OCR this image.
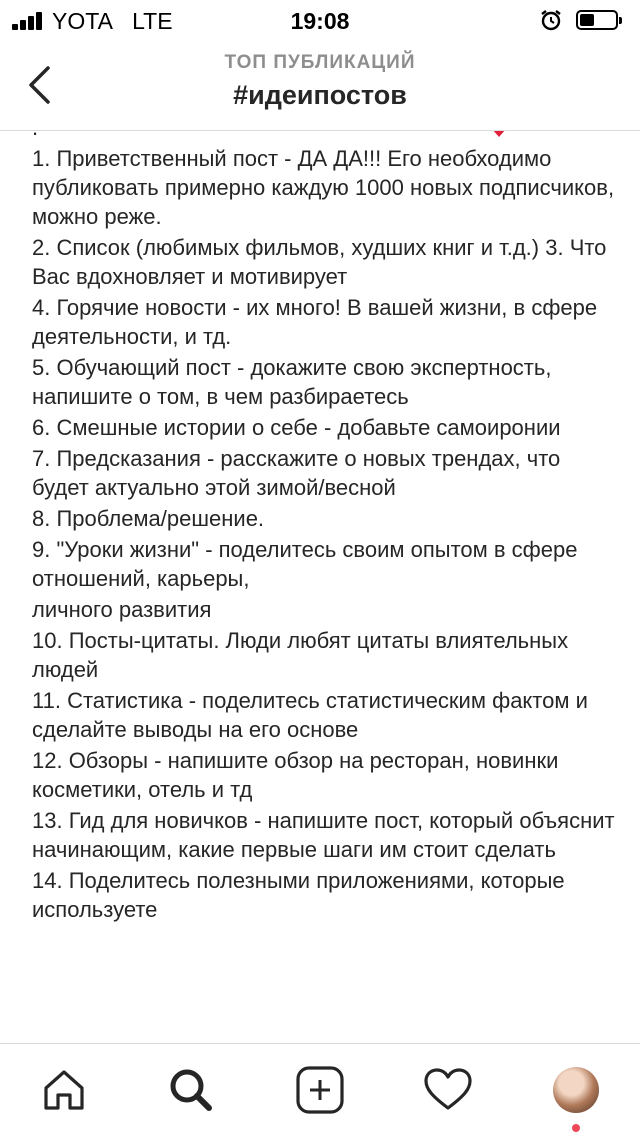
YOTA LTE	19:08
ТОП ПУБЛИКАЦИЙ
#идеипостов

1. Приветственный пост - ДА ДА!!! Его необходимо публиковать примерно каждую 1000 новых подписчиков, можно реже.

2. Список (любимых фильмов, худших книг и т.д.) 3. Что Вас вдохновляет и мотивирует

4. Горячие новости - их много! В вашей жизни, в сфере деятельности, и тд.

5. Обучающий пост - докажите свою экспертность, напишите о том, в чем разбираетесь

6. Смешные истории о себе - добавьте самоиронии

7. Предсказания - расскажите о новых трендах, что будет актуально этой зимой/весной

8. Проблема/решение.

9. "Уроки жизни" - поделитесь своим опытом в сфере отношений, карьеры,

личного развития

10. Посты-цитаты. Люди любят цитаты влиятельных людей

11. Статистика - поделитесь статистическим фактом и сделайте выводы на его основе

12. Обзоры - напишите обзор на ресторан, новинки косметики, отель и тд

13. Гид для новичков - напишите пост, который объяснит начинающим, какие первые шаги им стоит сделать

14. Поделитесь полезными приложениями, которые используете
